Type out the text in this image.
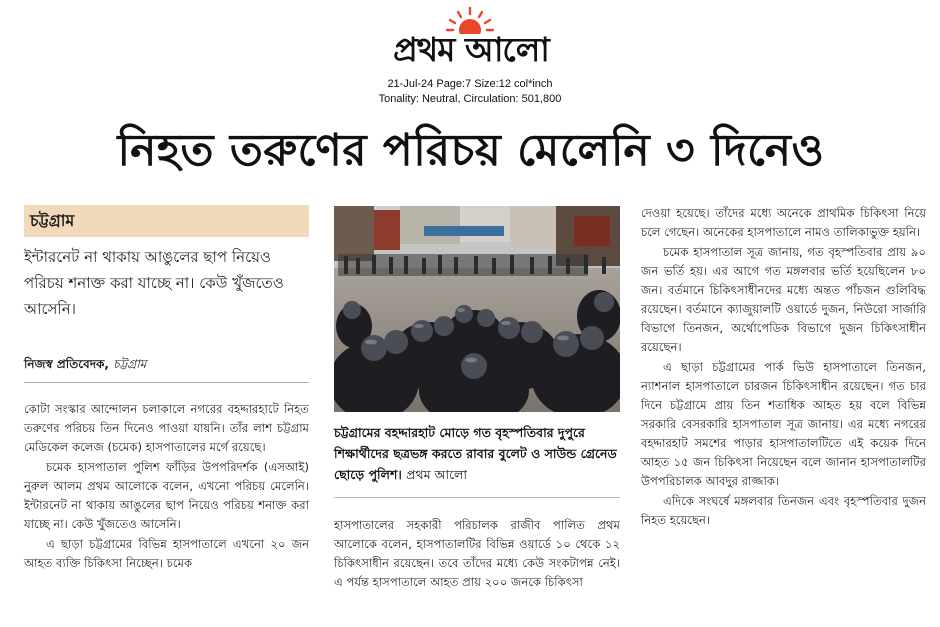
প্রথম আলো
21-Jul-24 Page:7 Size:12 col*inch
Tonality: Neutral, Circulation: 501,800
নিহত তরুণের পরিচয় মেলেনি ৩ দিনেও
চট্টগ্রাম
ইন্টারনেট না থাকায় আঙুলের ছাপ নিয়েও পরিচয় শনাক্ত করা যাচ্ছে না। কেউ খুঁজতেও আসেনি।
নিজস্ব প্রতিবেদক, চট্টগ্রাম

কোটা সংস্কার আন্দোলন চলাকালে নগরের বহদ্দারহাটে নিহত তরুণের পরিচয় তিন দিনেও পাওয়া যায়নি। তাঁর লাশ চট্টগ্রাম মেডিকেল কলেজ (চমেক) হাসপাতালের মর্গে রয়েছে।

চমেক হাসপাতাল পুলিশ ফাঁড়ির উপপরিদর্শক (এসআই) নুরুল আলম প্রথম আলোকে বলেন, এখনো পরিচয় মেলেনি। ইন্টারনেট না থাকায় আঙুলের ছাপ নিয়েও পরিচয় শনাক্ত করা যাচ্ছে না। কেউ খুঁজতেও আসেনি।

এ ছাড়া চট্টগ্রামের বিভিন্ন হাসপাতালে এখনো ২০ জন আহত ব্যক্তি চিকিৎসা নিচ্ছেন। চমেক

চট্টগ্রামের বহদ্দারহাট মোড়ে গত বৃহস্পতিবার দুপুরে শিক্ষার্থীদের ছত্রভঙ্গ করতে রাবার বুলেট ও সাউন্ড গ্রেনেড ছোড়ে পুলিশ। প্রথম আলো

হাসপাতালের সহকারী পরিচালক রাজীব পালিত প্রথম আলোকে বলেন, হাসপাতালটির বিভিন্ন ওয়ার্ডে ১০ থেকে ১২ চিকিৎসাধীন রয়েছেন। তবে তাঁদের মধ্যে কেউ সংকটাপন্ন নেই। এ পর্যন্ত হাসপাতালে আহত প্রায় ২০০ জনকে চিকিৎসা

দেওয়া হয়েছে। তাঁদের মধ্যে অনেকে প্রাথমিক চিকিৎসা নিয়ে চলে গেছেন। অনেকের হাসপাতালে নামও তালিকাভুক্ত হয়নি।

চমেক হাসপাতাল সূত্র জানায়, গত বৃহস্পতিবার প্রায় ৯০ জন ভর্তি হয়। এর আগে গত মঙ্গলবার ভর্তি হয়েছিলেন ৮০ জন। বর্তমানে চিকিৎসাধীনদের মধ্যে অন্তত পাঁচজন গুলিবিদ্ধ রয়েছেন। বর্তমানে ক্যাজুয়ালটি ওয়ার্ডে দুজন, নিউরো সার্জারি বিভাগে তিনজন, অর্থোপেডিক বিভাগে দুজন চিকিৎসাধীন রয়েছেন।

এ ছাড়া চট্টগ্রামের পার্ক ভিউ হাসপাতালে তিনজন, ন্যাশনাল হাসপাতালে চারজন চিকিৎসাধীন রয়েছেন। গত চার দিনে চট্টগ্রামে প্রায় তিন শতাধিক আহত হয় বলে বিভিন্ন সরকারি বেসরকারি হাসপাতাল সূত্র জানায়। এর মধ্যে নগরের বহদ্দারহাট সমশের পাড়ার হাসপাতালটিতে এই কয়েক দিনে আহত ১৫ জন চিকিৎসা নিয়েছেন বলে জানান হাসপাতালটির উপপরিচালক আবদুর রাজ্জাক।

এদিকে সংঘর্ষে মঙ্গলবার তিনজন এবং বৃহস্পতিবার দুজন নিহত হয়েছেন।
